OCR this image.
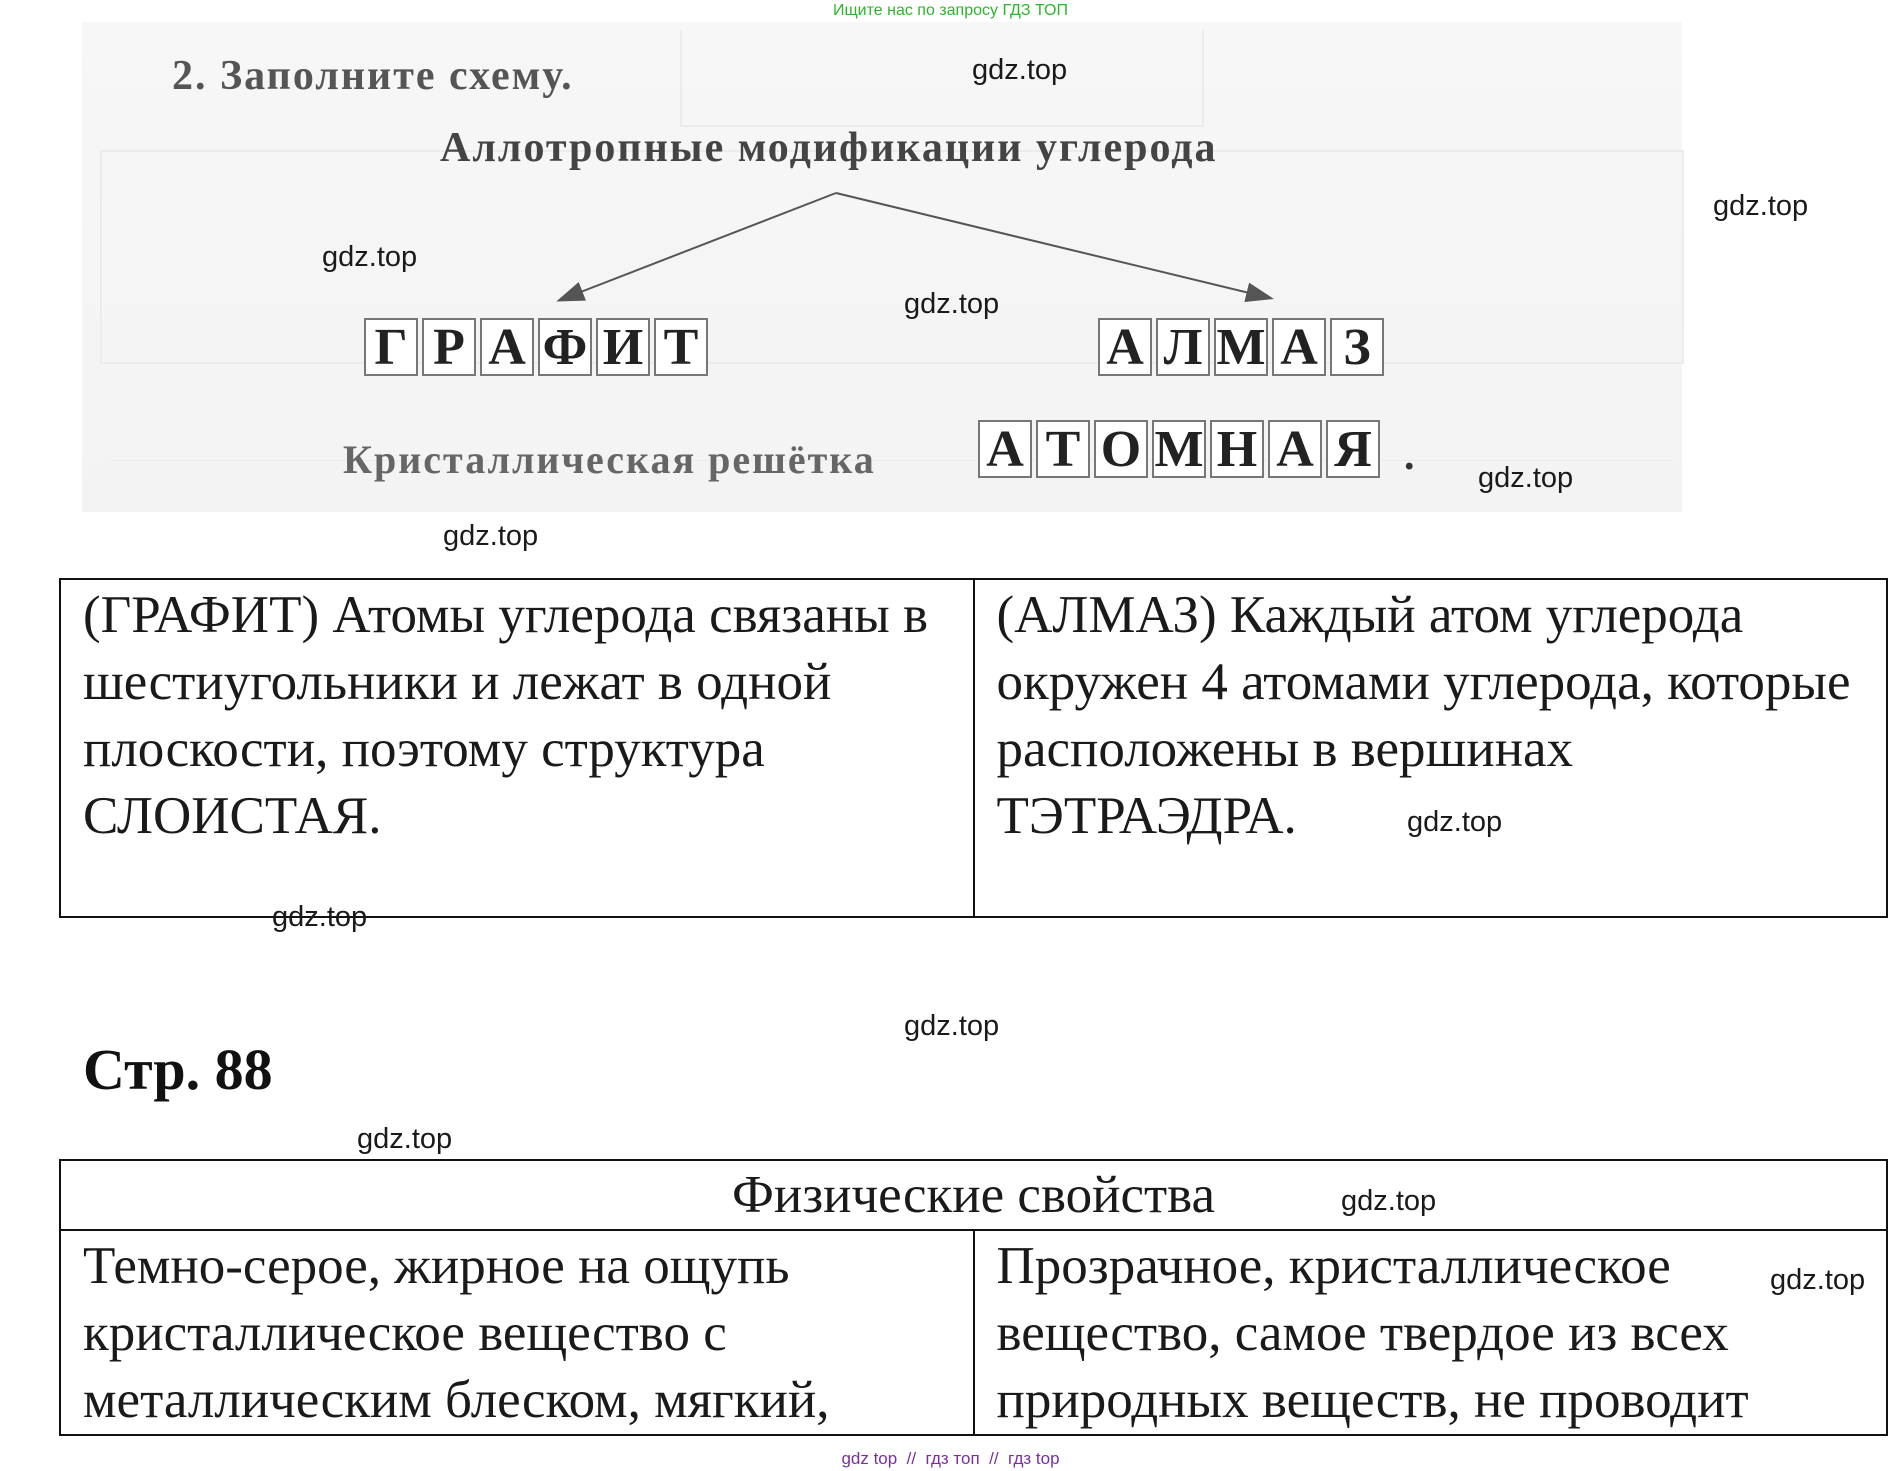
Ищите нас по запросу ГДЗ ТОП
2. Заполните схему.
Аллотропные модификации углерода
Г Р А Ф И Т	А Л М А З
Кристаллическая решётка А Т О М Н А Я .
(ГРАФИТ) Атомы углерода связаны в шестиугольники и лежат в одной плоскости, поэтому структура СЛОИСТАЯ.	(АЛМАЗ) Каждый атом углерода окружен 4 атомами углерода, которые расположены в вершинах ТЭТРАЭДРА.
Стр. 88
Физические свойства
Темно-серое, жирное на ощупь кристаллическое вещество с металлическим блеском, мягкий,	Прозрачное, кристаллическое вещество, самое твердое из всех природных веществ, не проводит
gdz.top
gdz.top
gdz.top
gdz.top
gdz.top
gdz.top
gdz.top
gdz.top
gdz.top
gdz.top
gdz.top
gdz.top
gdz top  //  гдз топ  //  гдз top
